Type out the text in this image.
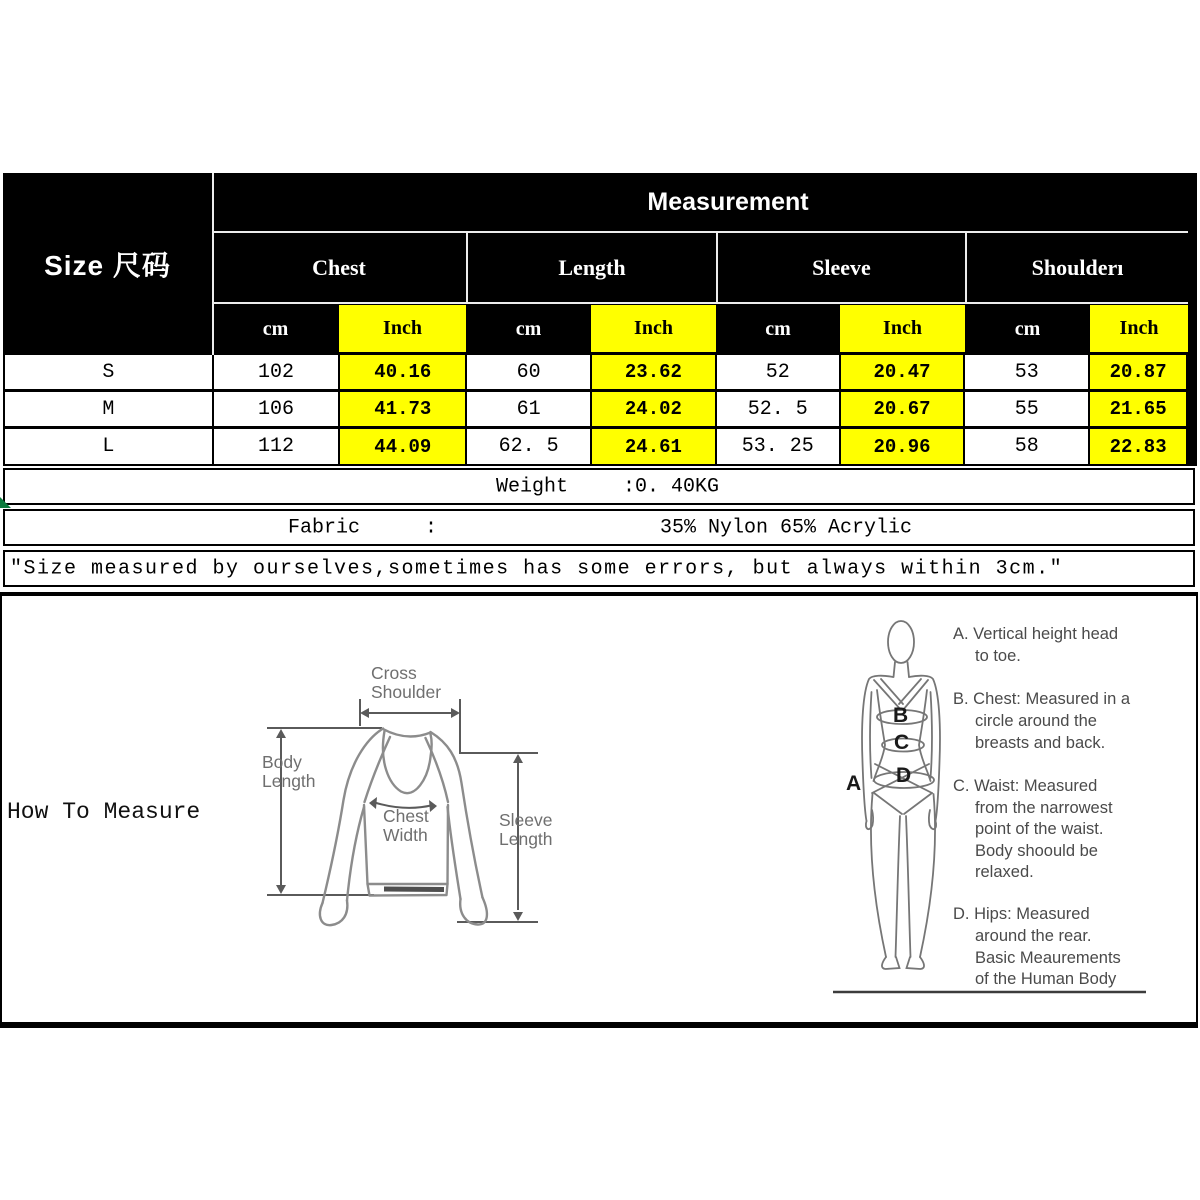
Size 尺码
Measurement
Chest	Length	Sleeve	Shoulderı
cm	Inch	cm	Inch	cm	Inch	cm	Inch
S	102	40.16	60	23.62	52	20.47	53	20.87
M	106	41.73	61	24.02	52. 5	20.67	55	21.65
L	112	44.09	62. 5	24.61	53. 25	20.96	58	22.83
Weight	:0. 40KG
Fabric	:	35% Nylon 65% Acrylic
″Size measured by ourselves,sometimes has some errors, but always within 3cm.″
How To Measure
Cross
Shoulder
Body
Length
Chest
Width
Sleeve
Length
A
B
C
D
A. Vertical height head
to toe.
B. Chest: Measured in a
circle around the
breasts and back.
C. Waist: Measured
from the narrowest
point of the waist.
Body shoould be
relaxed.
D. Hips: Measured
around the rear.
Basic Meaurements
of the Human Body
